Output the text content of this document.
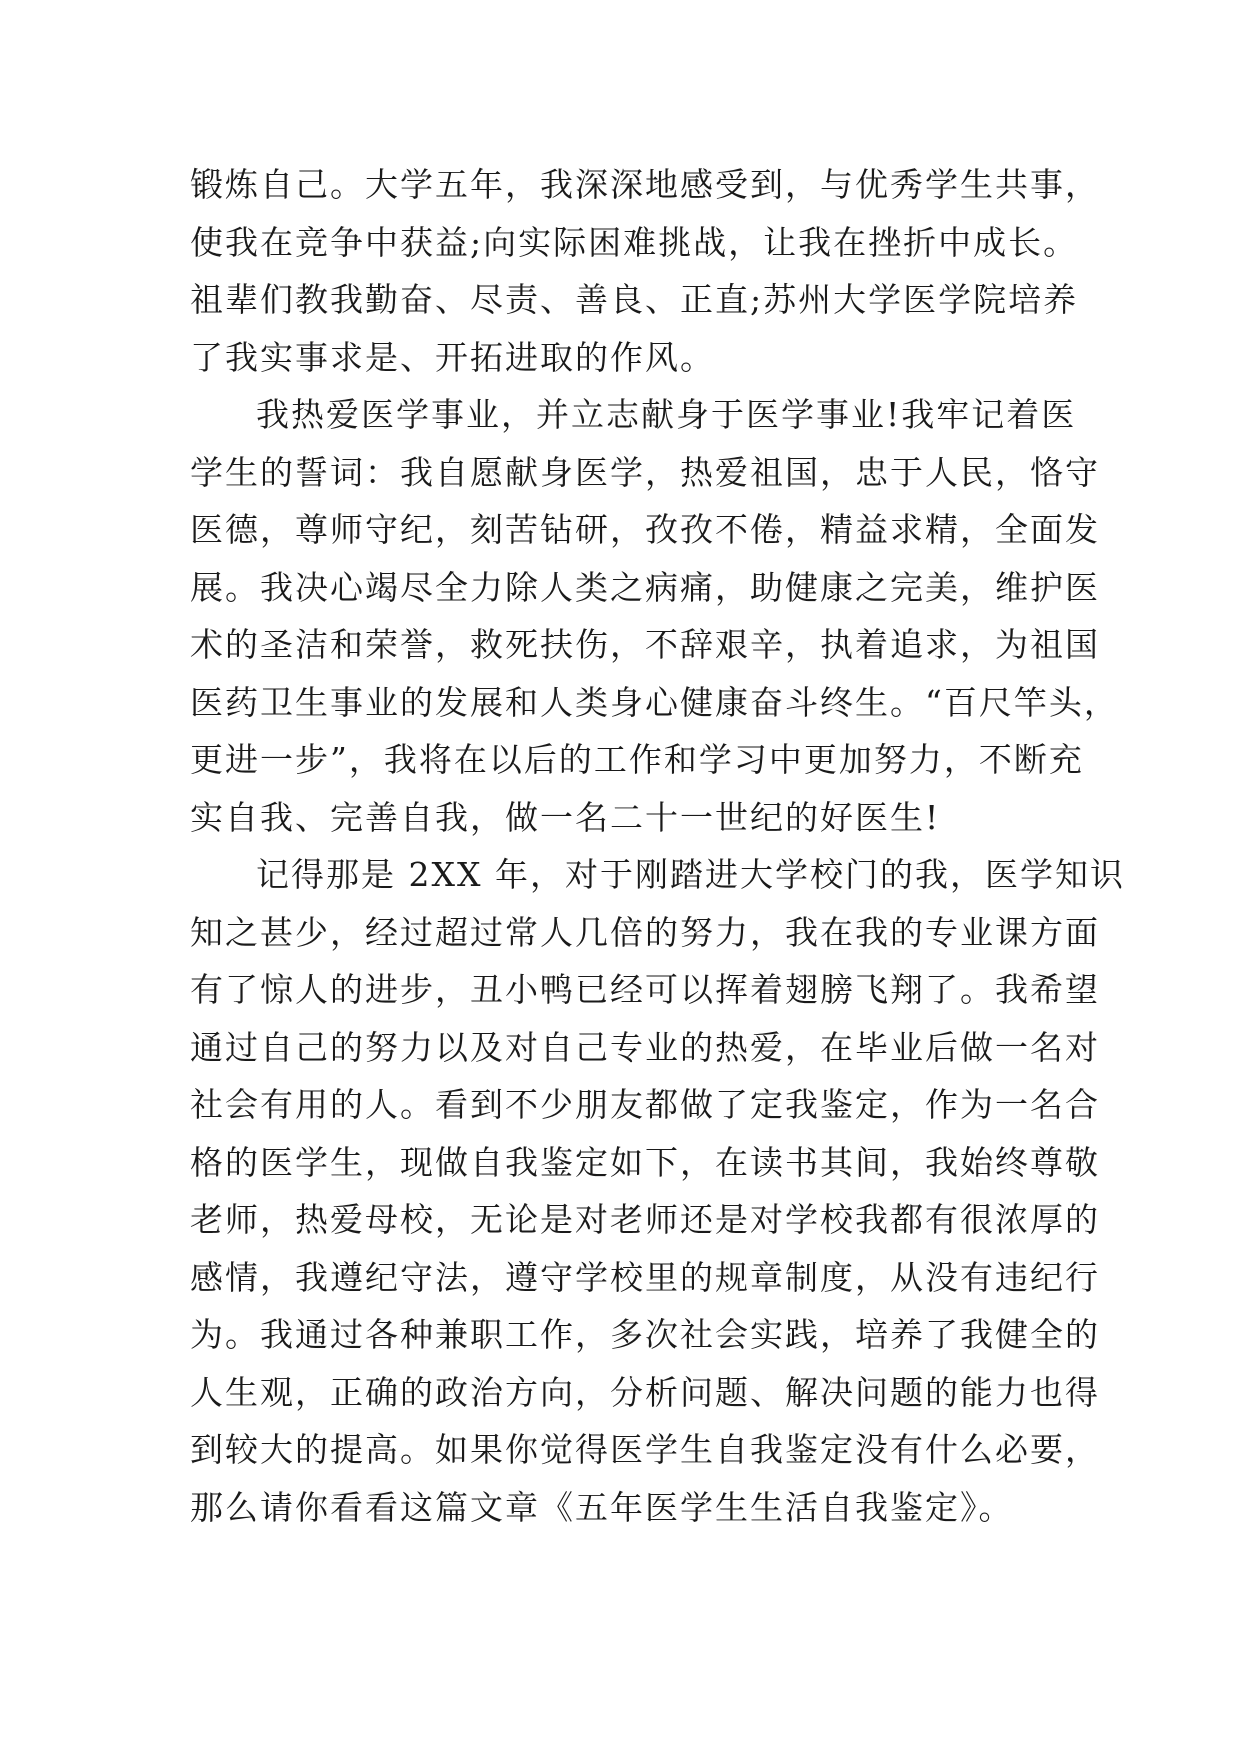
锻炼自己。大学五年，我深深地感受到，与优秀学生共事，
使我在竞争中获益;向实际困难挑战，让我在挫折中成长。
祖辈们教我勤奋、尽责、善良、正直;苏州大学医学院培养
了我实事求是、开拓进取的作风。
我热爱医学事业，并立志献身于医学事业!我牢记着医
学生的誓词：我自愿献身医学，热爱祖国，忠于人民，恪守
医德，尊师守纪，刻苦钻研，孜孜不倦，精益求精，全面发
展。我决心竭尽全力除人类之病痛，助健康之完美，维护医
术的圣洁和荣誉，救死扶伤，不辞艰辛，执着追求，为祖国
医药卫生事业的发展和人类身心健康奋斗终生。“百尺竿头，
更进一步”，我将在以后的工作和学习中更加努力，不断充
实自我、完善自我，做一名二十一世纪的好医生!
记得那是 2XX 年，对于刚踏进大学校门的我，医学知识
知之甚少，经过超过常人几倍的努力，我在我的专业课方面
有了惊人的进步，丑小鸭已经可以挥着翅膀飞翔了。我希望
通过自己的努力以及对自己专业的热爱，在毕业后做一名对
社会有用的人。看到不少朋友都做了定我鉴定，作为一名合
格的医学生，现做自我鉴定如下，在读书其间，我始终尊敬
老师，热爱母校，无论是对老师还是对学校我都有很浓厚的
感情，我遵纪守法，遵守学校里的规章制度，从没有违纪行
为。我通过各种兼职工作，多次社会实践，培养了我健全的
人生观，正确的政治方向，分析问题、解决问题的能力也得
到较大的提高。如果你觉得医学生自我鉴定没有什么必要，
那么请你看看这篇文章《五年医学生生活自我鉴定》。
